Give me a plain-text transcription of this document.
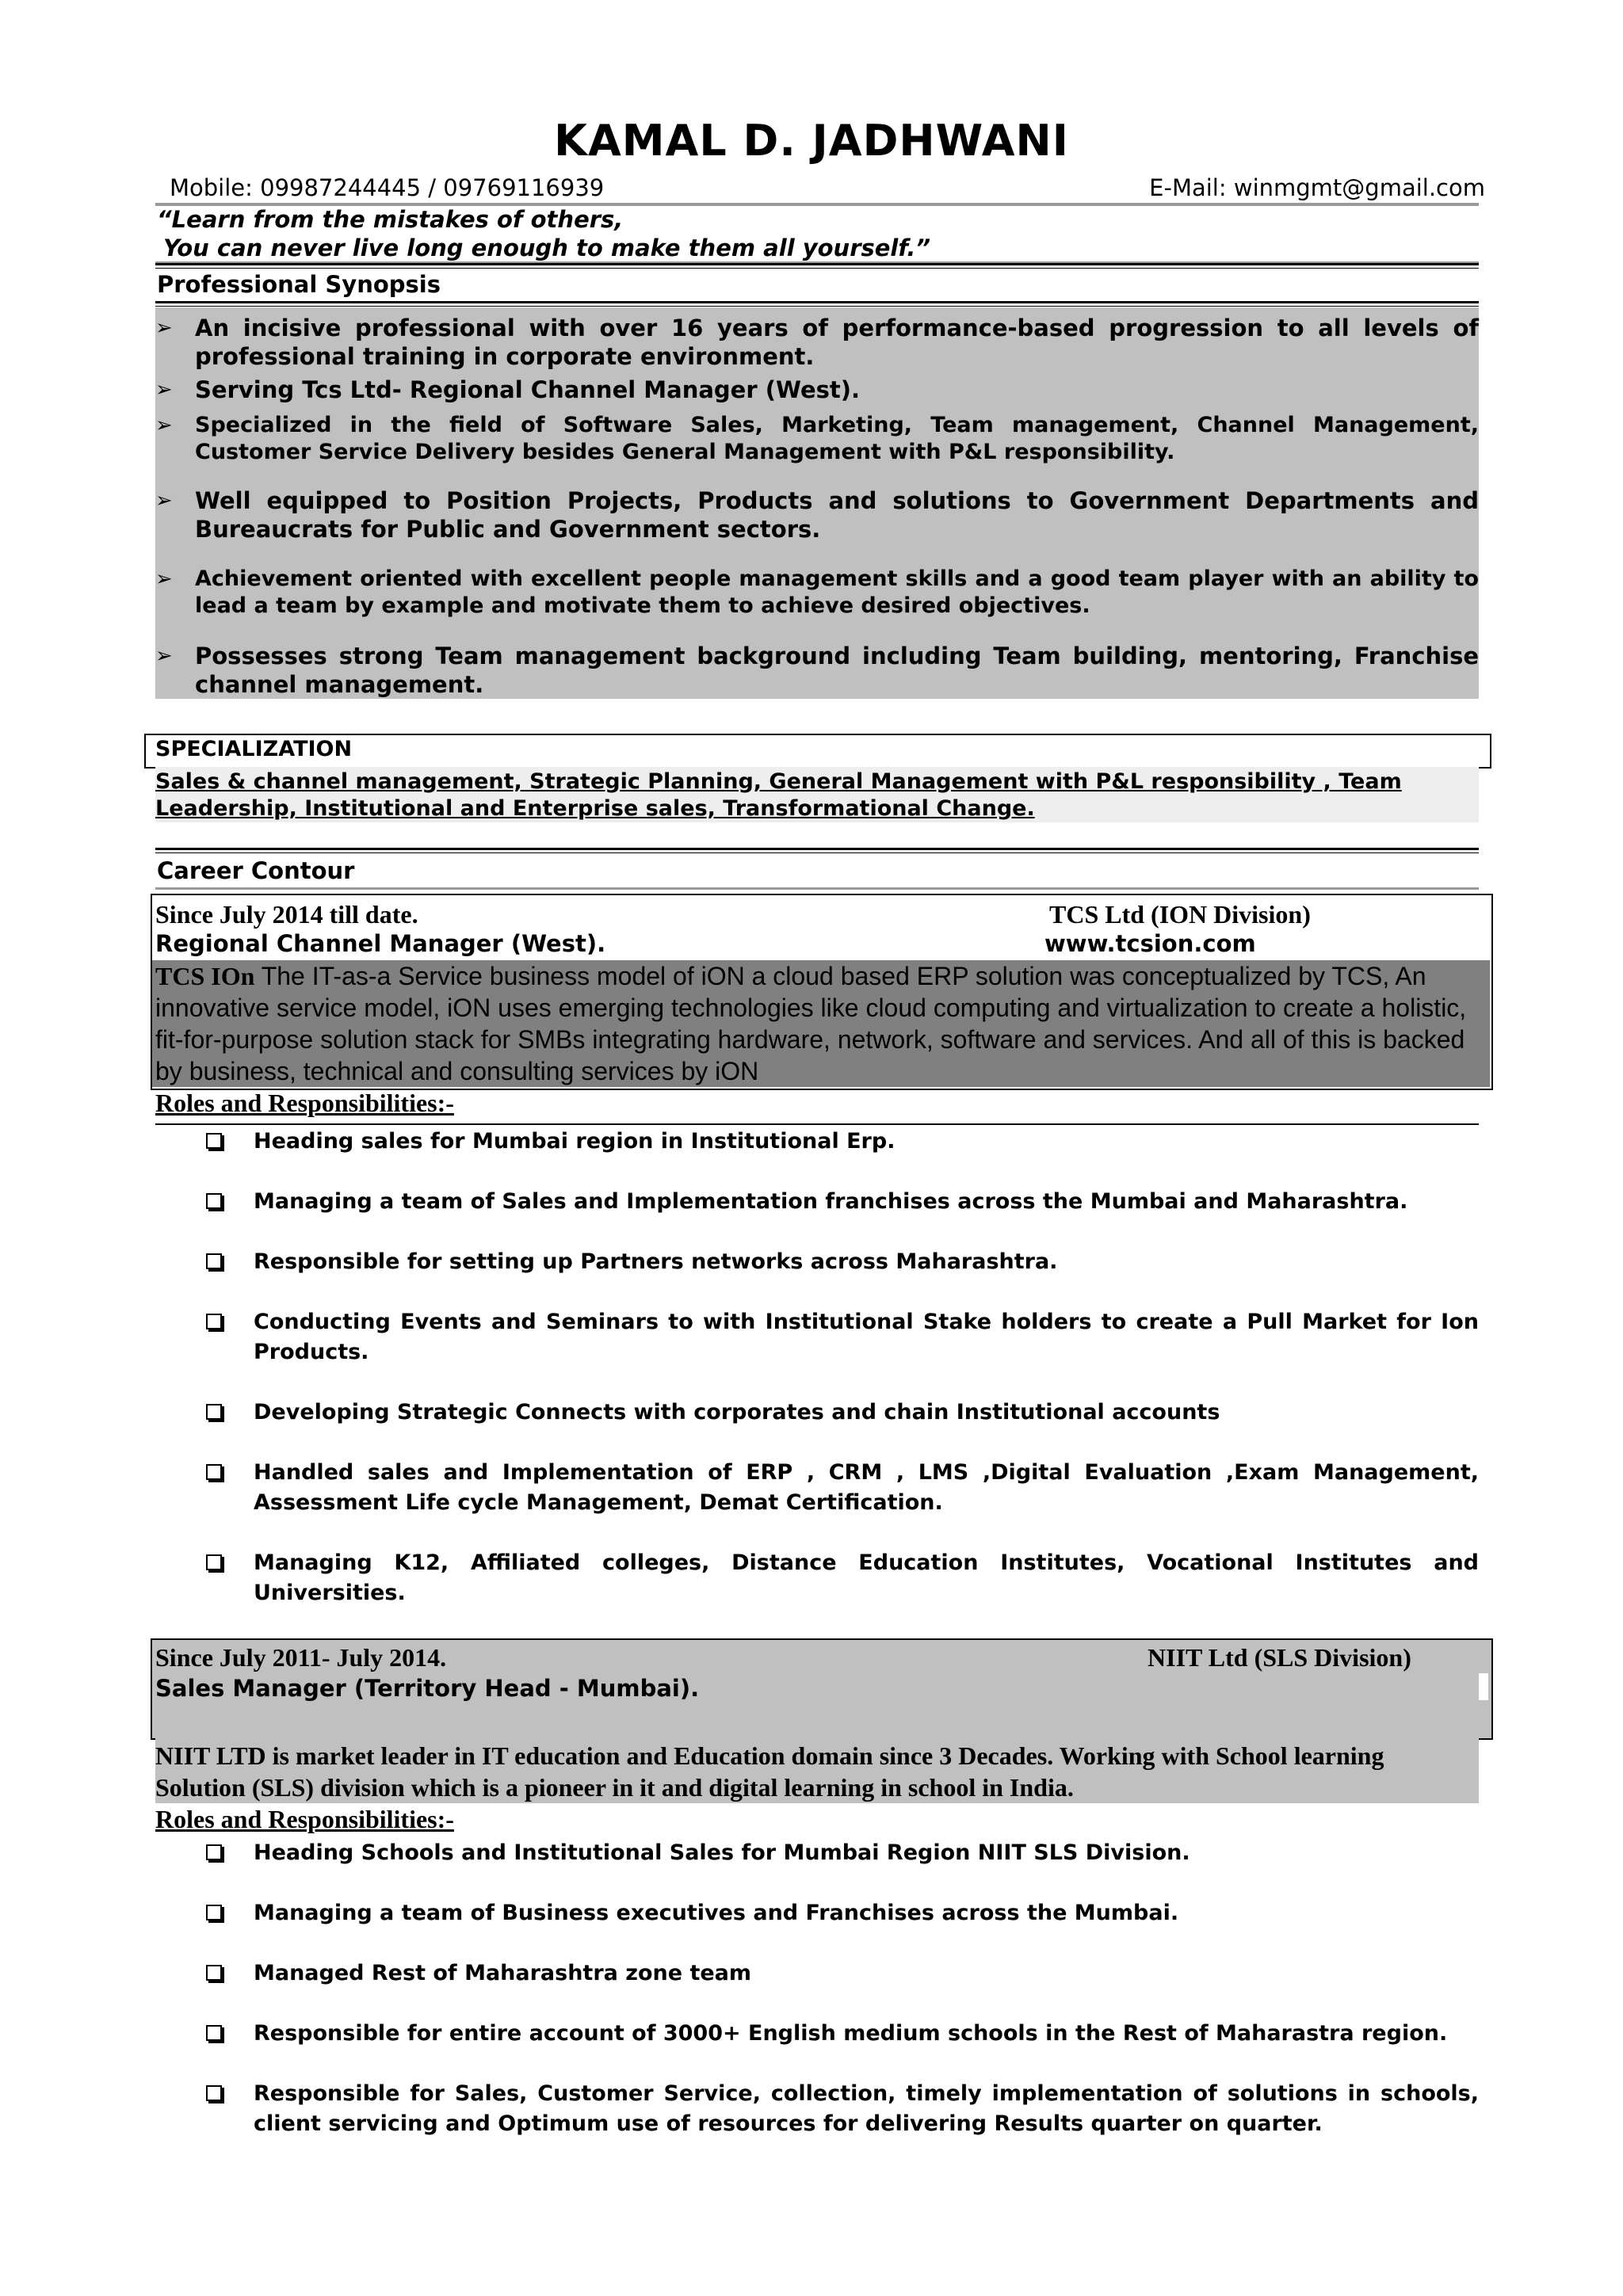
KAMAL D. JADHWANI
Mobile: 09987244445 / 09769116939	E-Mail: winmgmt@gmail.com
“Learn from the mistakes of others,
You can never live long enough to make them all yourself.”
Professional Synopsis
➢ An incisive professional with over 16 years of performance-based progression to all levels of professional training in corporate environment.
➢ Serving Tcs Ltd- Regional Channel Manager (West).
➢ Specialized in the field of Software Sales, Marketing, Team management, Channel Management, Customer Service Delivery besides General Management with P&L responsibility.
➢ Well equipped to Position Projects, Products and solutions to Government Departments and Bureaucrats for Public and Government sectors.
➢ Achievement oriented with excellent people management skills and a good team player with an ability to lead a team by example and motivate them to achieve desired objectives.
➢ Possesses strong Team management background including Team building, mentoring, Franchise channel management.
SPECIALIZATION
Sales & channel management, Strategic Planning, General Management with P&L responsibility , Team Leadership, Institutional and Enterprise sales, Transformational Change.
Career Contour
Since July 2014 till date.	TCS Ltd (ION Division)
Regional Channel Manager (West).	www.tcsion.com
TCS IOn The IT-as-a Service business model of iON a cloud based ERP solution was conceptualized by TCS, An innovative service model, iON uses emerging technologies like cloud computing and virtualization to create a holistic, fit-for-purpose solution stack for SMBs integrating hardware, network, software and services. And all of this is backed by business, technical and consulting services by iON
Roles and Responsibilities:-
Heading sales for Mumbai region in Institutional Erp.
Managing a team of Sales and Implementation franchises across the Mumbai and Maharashtra.
Responsible for setting up Partners networks across Maharashtra.
Conducting Events and Seminars to with Institutional Stake holders to create a Pull Market for Ion Products.
Developing Strategic Connects with corporates and chain Institutional accounts
Handled sales and Implementation of ERP , CRM , LMS ,Digital Evaluation ,Exam Management, Assessment Life cycle Management, Demat Certification.
Managing K12, Affiliated colleges, Distance Education Institutes, Vocational Institutes and Universities.
Since July 2011- July 2014.	NIIT Ltd (SLS Division)
Sales Manager (Territory Head - Mumbai).
NIIT LTD is market leader in IT education and Education domain since 3 Decades. Working with School learning Solution (SLS) division which is a pioneer in it and digital learning in school in India.
Roles and Responsibilities:-
Heading Schools and Institutional Sales for Mumbai Region NIIT SLS Division.
Managing a team of Business executives and Franchises across the Mumbai.
Managed Rest of Maharashtra zone team
Responsible for entire account of 3000+ English medium schools in the Rest of Maharastra region.
Responsible for Sales, Customer Service, collection, timely implementation of solutions in schools, client servicing and Optimum use of resources for delivering Results quarter on quarter.
